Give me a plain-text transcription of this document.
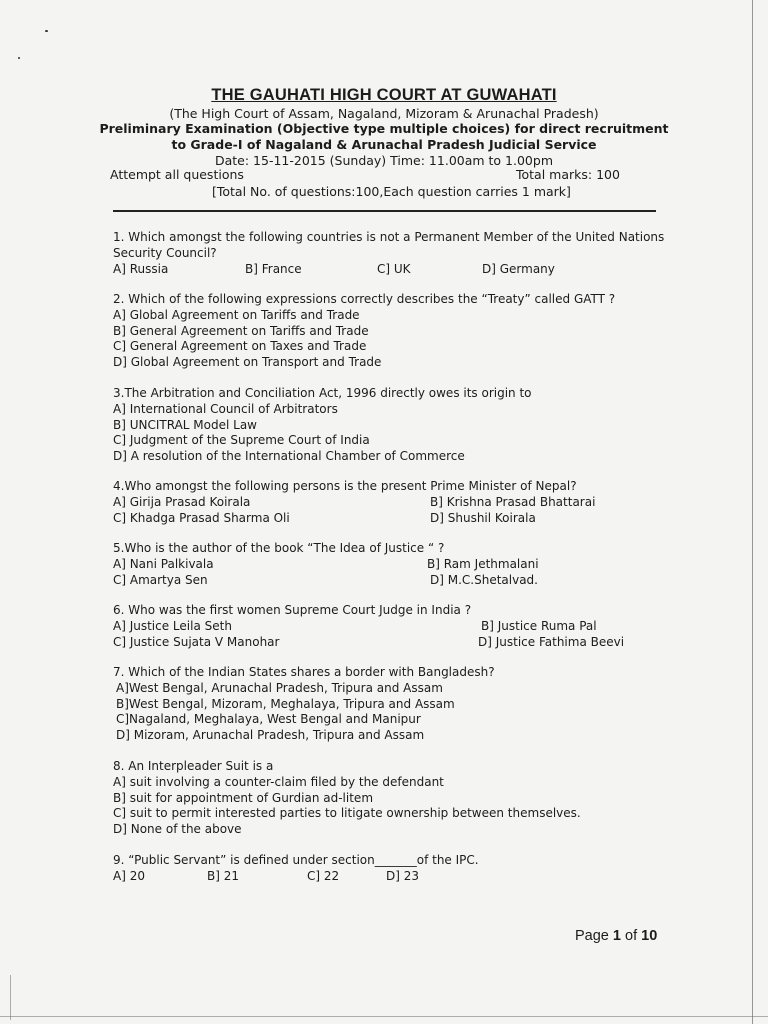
THE GAUHATI HIGH COURT AT GUWAHATI
(The High Court of Assam, Nagaland, Mizoram & Arunachal Pradesh)
Preliminary Examination (Objective type multiple choices) for direct recruitment
to Grade-I of Nagaland & Arunachal Pradesh Judicial Service
Date: 15-11-2015 (Sunday) Time: 11.00am to 1.00pm
Attempt all questions	Total marks: 100
[Total No. of questions:100,Each question carries 1 mark]
1. Which amongst the following countries is not a Permanent Member of the United Nations
Security Council?
A] Russia	B] France	C] UK	D] Germany
2. Which of the following expressions correctly describes the “Treaty” called GATT ?
A] Global Agreement on Tariffs and Trade
B] General Agreement on Tariffs and Trade
C] General Agreement on Taxes and Trade
D] Global Agreement on Transport and Trade
3.The Arbitration and Conciliation Act, 1996 directly owes its origin to
A] International Council of Arbitrators
B] UNCITRAL Model Law
C] Judgment of the Supreme Court of India
D] A resolution of the International Chamber of Commerce
4.Who amongst the following persons is the present Prime Minister of Nepal?
A] Girija Prasad Koirala	B] Krishna Prasad Bhattarai
C] Khadga Prasad Sharma Oli	D] Shushil Koirala
5.Who is the author of the book “The Idea of Justice “ ?
A] Nani Palkivala	B] Ram Jethmalani
C] Amartya Sen	D] M.C.Shetalvad.
6. Who was the first women Supreme Court Judge in India ?
A] Justice Leila Seth	B] Justice Ruma Pal
C] Justice Sujata V Manohar	D] Justice Fathima Beevi
7. Which of the Indian States shares a border with Bangladesh?
A]West Bengal, Arunachal Pradesh, Tripura and Assam
B]West Bengal, Mizoram, Meghalaya, Tripura and Assam
C]Nagaland, Meghalaya, West Bengal and Manipur
D] Mizoram, Arunachal Pradesh, Tripura and Assam
8. An Interpleader Suit is a
A] suit involving a counter-claim filed by the defendant
B] suit for appointment of Gurdian ad-litem
C] suit to permit interested parties to litigate ownership between themselves.
D] None of the above
9. “Public Servant” is defined under section_______of the IPC.
A] 20	B] 21	C] 22	D] 23
Page 1 of 10
